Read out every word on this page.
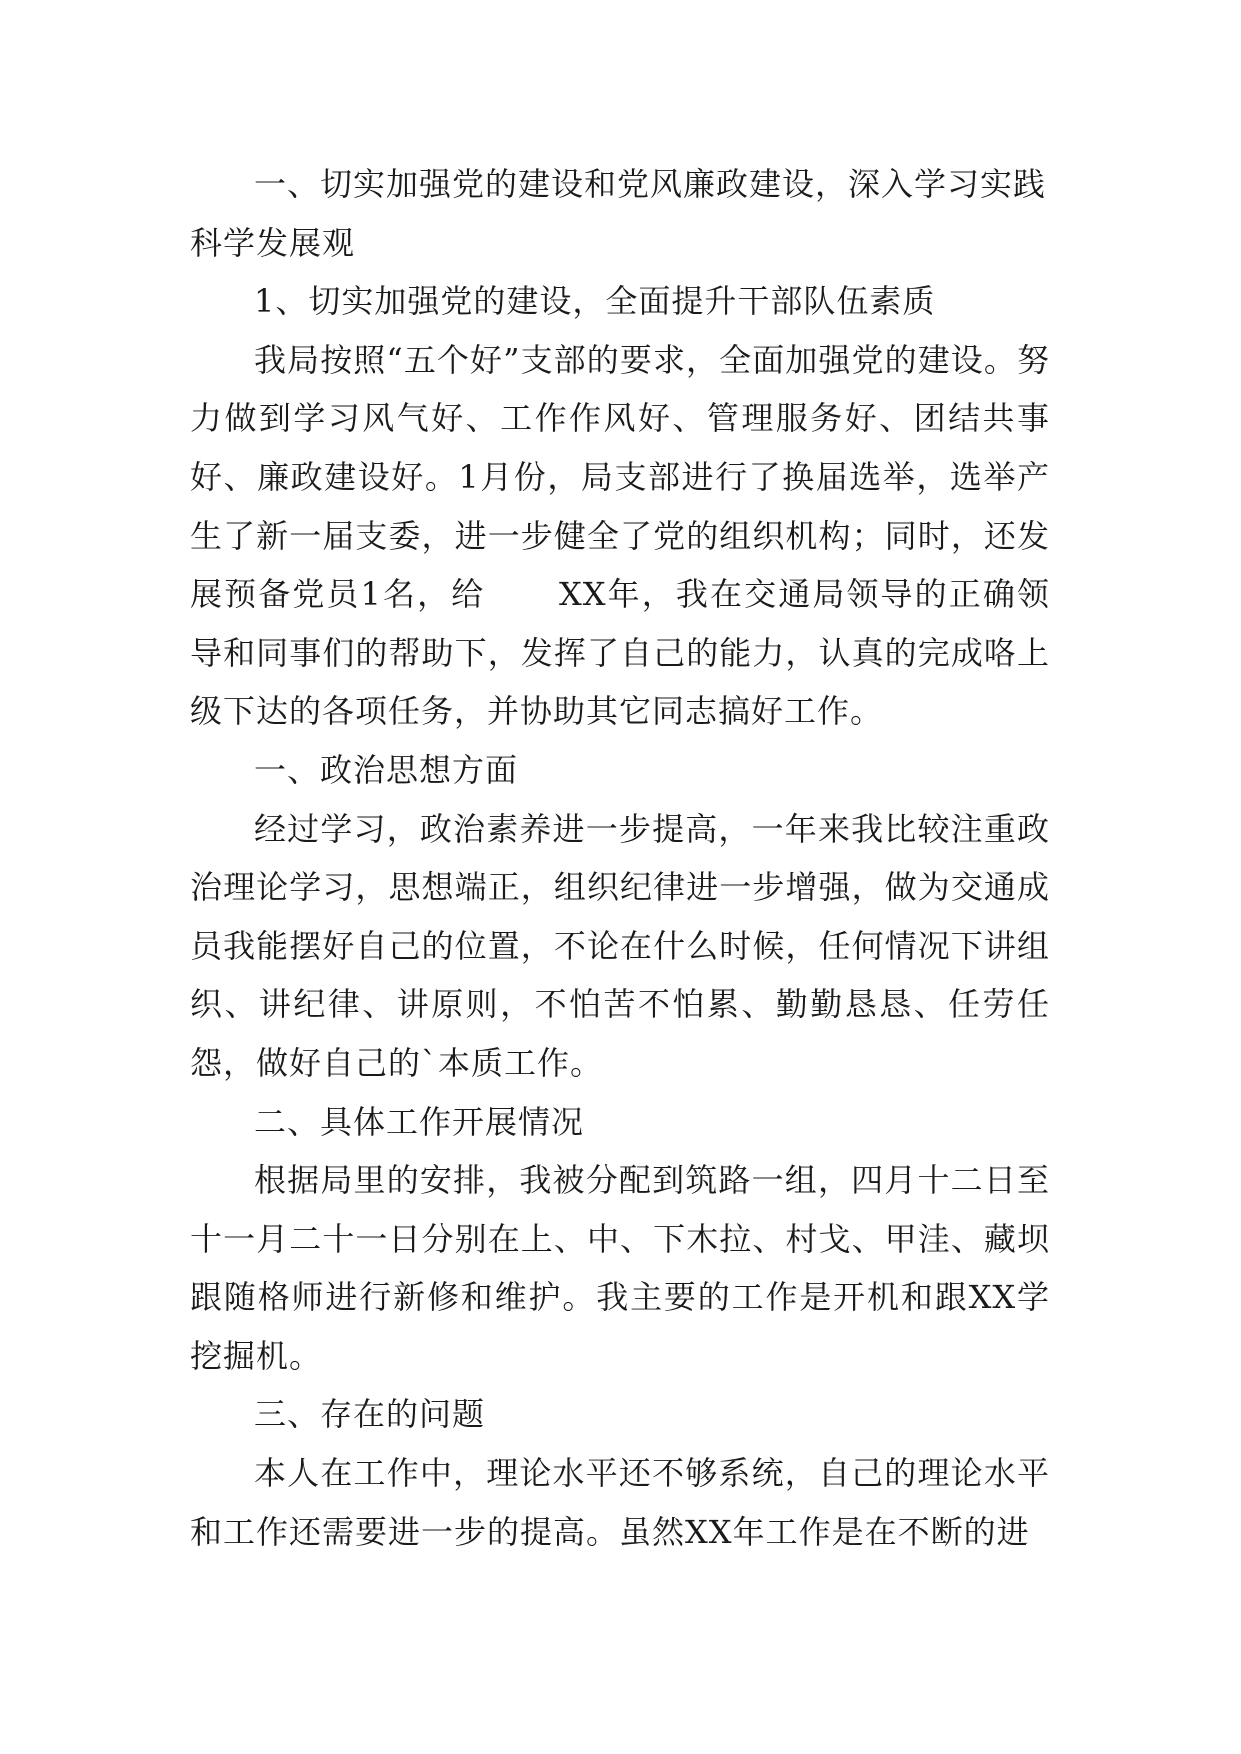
一、切实加强党的建设和党风廉政建设，深入学习实践科学发展观

1、切实加强党的建设，全面提升干部队伍素质

我局按照“五个好”支部的要求，全面加强党的建设。努力做到学习风气好、工作作风好、管理服务好、团结共事好、廉政建设好。1月份，局支部进行了换届选举，选举产生了新一届支委，进一步健全了党的组织机构；同时，还发展预备党员1名，给      XX年，我在交通局领导的正确领导和同事们的帮助下，发挥了自己的能力，认真的完成咯上级下达的各项任务，并协助其它同志搞好工作。

一、政治思想方面

经过学习，政治素养进一步提高，一年来我比较注重政治理论学习，思想端正，组织纪律进一步增强，做为交通成员我能摆好自己的位置，不论在什么时候，任何情况下讲组织、讲纪律、讲原则，不怕苦不怕累、勤勤恳恳、任劳任怨，做好自己的`本质工作。

二、具体工作开展情况

根据局里的安排，我被分配到筑路一组，四月十二日至十一月二十一日分别在上、中、下木拉、村戈、甲洼、藏坝跟随格师进行新修和维护。我主要的工作是开机和跟XX学挖掘机。

三、存在的问题

本人在工作中，理论水平还不够系统，自己的理论水平和工作还需要进一步的提高。虽然XX年工作是在不断的进
